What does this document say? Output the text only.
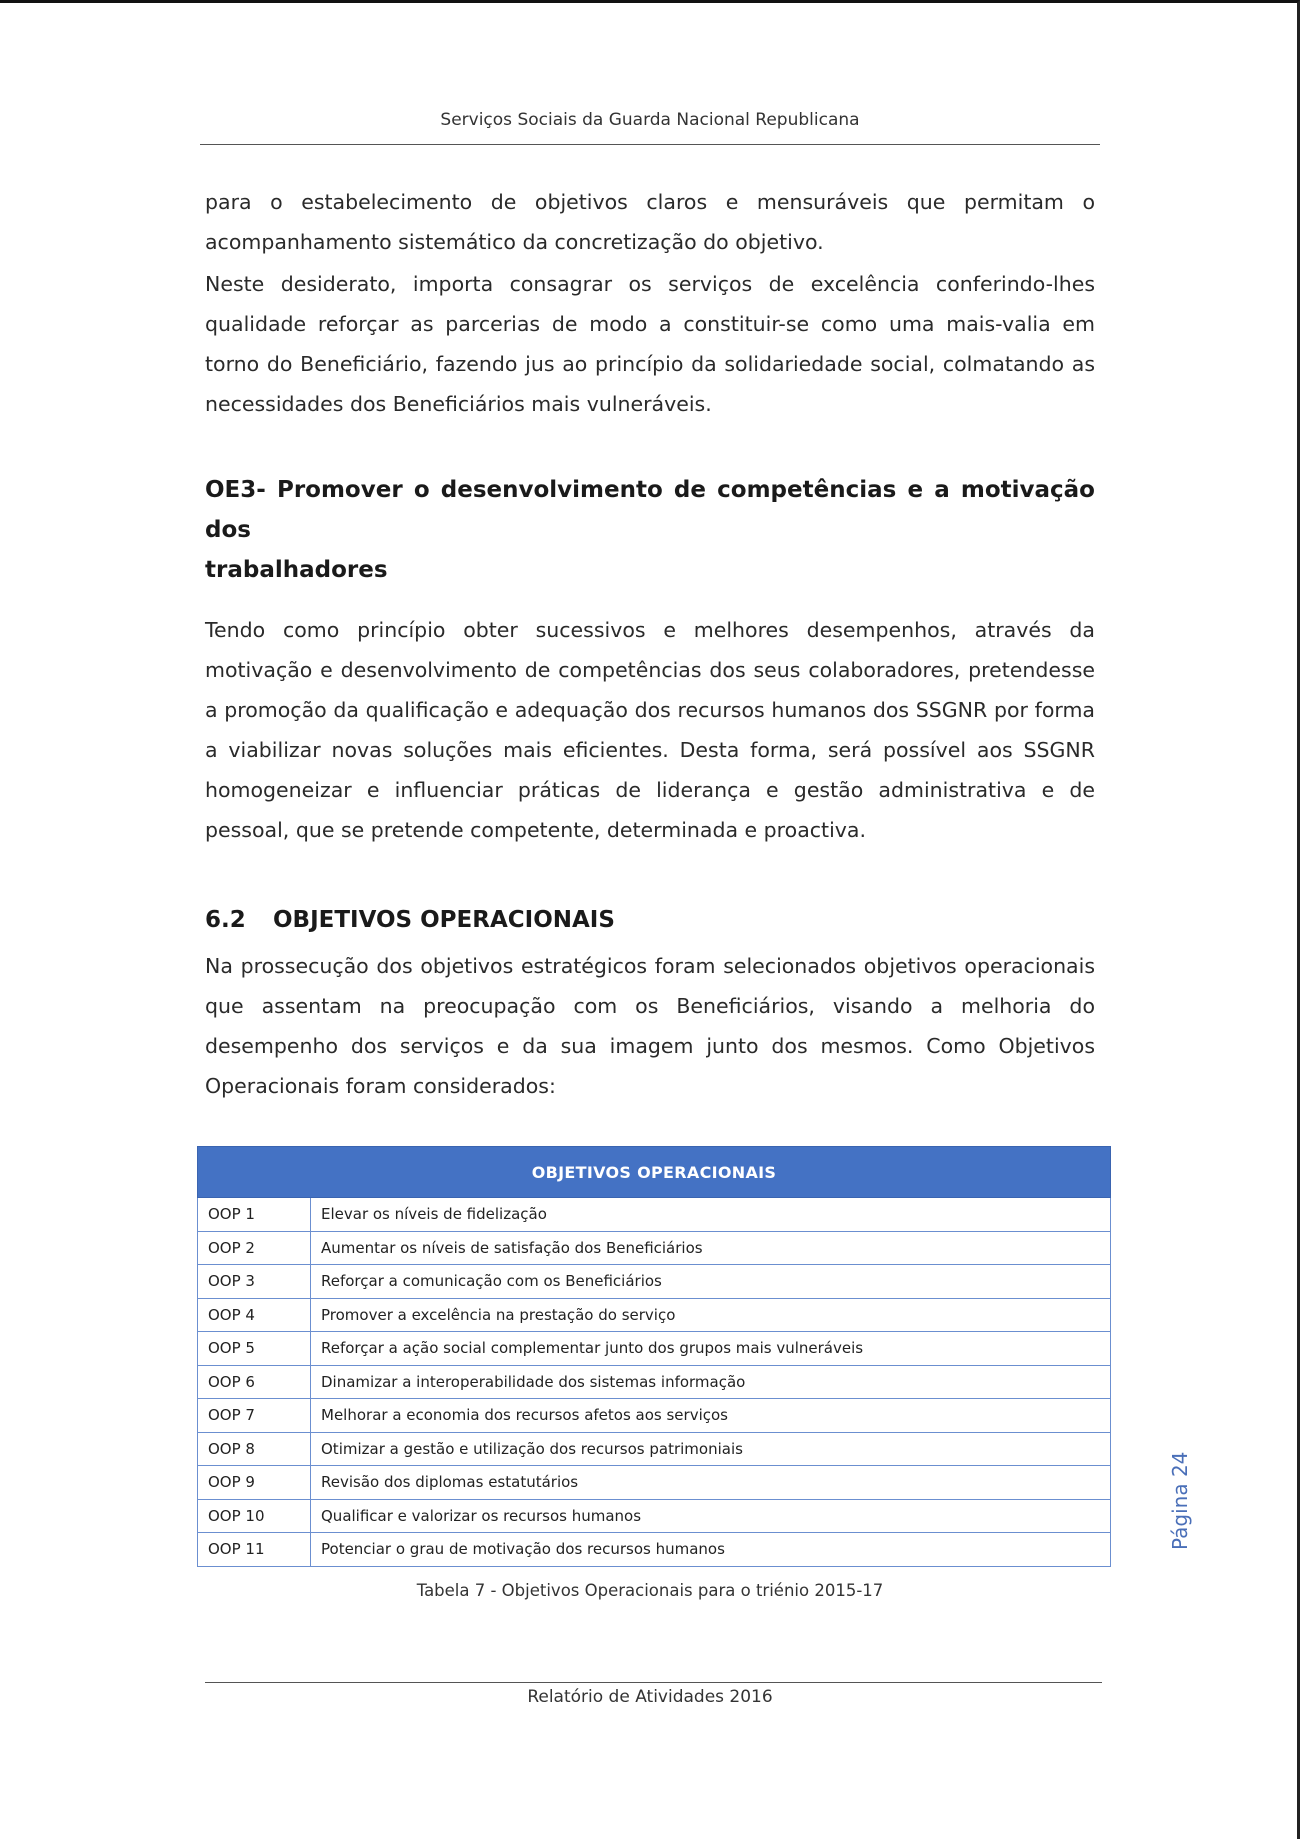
Serviços Sociais da Guarda Nacional Republicana

para o estabelecimento de objetivos claros e mensuráveis que permitam o acompanhamento sistemático da concretização do objetivo.

Neste desiderato, importa consagrar os serviços de excelência conferindo-lhes qualidade reforçar as parcerias de modo a constituir-se como uma mais-valia em torno do Beneficiário, fazendo jus ao princípio da solidariedade social, colmatando as necessidades dos Beneficiários mais vulneráveis.

OE3- Promover o desenvolvimento de competências e a motivação dos
trabalhadores

Tendo como princípio obter sucessivos e melhores desempenhos, através da motivação e desenvolvimento de competências dos seus colaboradores, pretendesse a promoção da qualificação e adequação dos recursos humanos dos SSGNR por forma a viabilizar novas soluções mais eficientes. Desta forma, será possível aos SSGNR homogeneizar e influenciar práticas de liderança e gestão administrativa e de pessoal, que se pretende competente, determinada e proactiva.

6.2 OBJETIVOS OPERACIONAIS

Na prossecução dos objetivos estratégicos foram selecionados objetivos operacionais que assentam na preocupação com os Beneficiários, visando a melhoria do desempenho dos serviços e da sua imagem junto dos mesmos. Como Objetivos Operacionais foram considerados:

OBJETIVOS OPERACIONAIS	
OOP 1	Elevar os níveis de fidelização
OOP 2	Aumentar os níveis de satisfação dos Beneficiários
OOP 3	Reforçar a comunicação com os Beneficiários
OOP 4	Promover a excelência na prestação do serviço
OOP 5	Reforçar a ação social complementar junto dos grupos mais vulneráveis
OOP 6	Dinamizar a interoperabilidade dos sistemas informação
OOP 7	Melhorar a economia dos recursos afetos aos serviços
OOP 8	Otimizar a gestão e utilização dos recursos patrimoniais
OOP 9	Revisão dos diplomas estatutários
OOP 10	Qualificar e valorizar os recursos humanos
OOP 11	Potenciar o grau de motivação dos recursos humanos
Tabela 7 - Objetivos Operacionais para o triénio 2015-17
Página 24
Relatório de Atividades 2016
